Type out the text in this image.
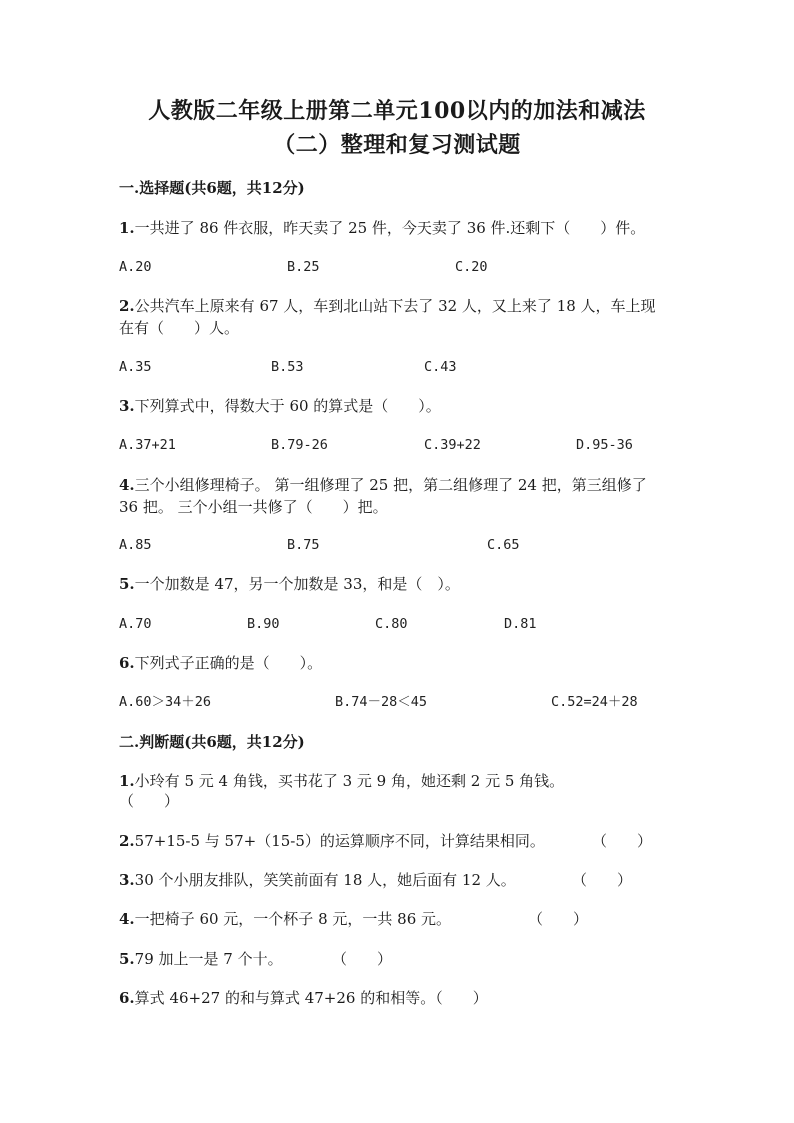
人教版二年级上册第二单元100以内的加法和减法
（二）整理和复习测试题
一.选择题(共6题，共12分)
1.一共进了 86 件衣服，昨天卖了 25 件，今天卖了 36 件.还剩下（　　）件。
A.20	B.25	C.20
2.公共汽车上原来有 67 人，车到北山站下去了 32 人，又上来了 18 人，车上现
在有（　　）人。
A.35	B.53	C.43
3.下列算式中，得数大于 60 的算式是（　　）。
A.37+21	B.79-26	C.39+22	D.95-36
4.三个小组修理椅子。 第一组修理了 25 把，第二组修理了 24 把，第三组修了
36 把。 三个小组一共修了（　　）把。
A.85	B.75	C.65
5.一个加数是 47，另一个加数是 33，和是（　）。
A.70	B.90	C.80	D.81
6.下列式子正确的是（　　）。
A.60＞34＋26	B.74－28＜45	C.52=24＋28
二.判断题(共6题，共12分)
1.小玲有 5 元 4 角钱，买书花了 3 元 9 角，她还剩 2 元 5 角钱。
（　　）
2.57+15-5 与 57+（15-5）的运算顺序不同，计算结果相同。	（　　）
3.30 个小朋友排队，笑笑前面有 18 人，她后面有 12 人。	（　　）
4.一把椅子 60 元，一个杯子 8 元，一共 86 元。	（　　）
5.79 加上一是 7 个十。	（　　）
6.算式 46+27 的和与算式 47+26 的和相等。（　　）
